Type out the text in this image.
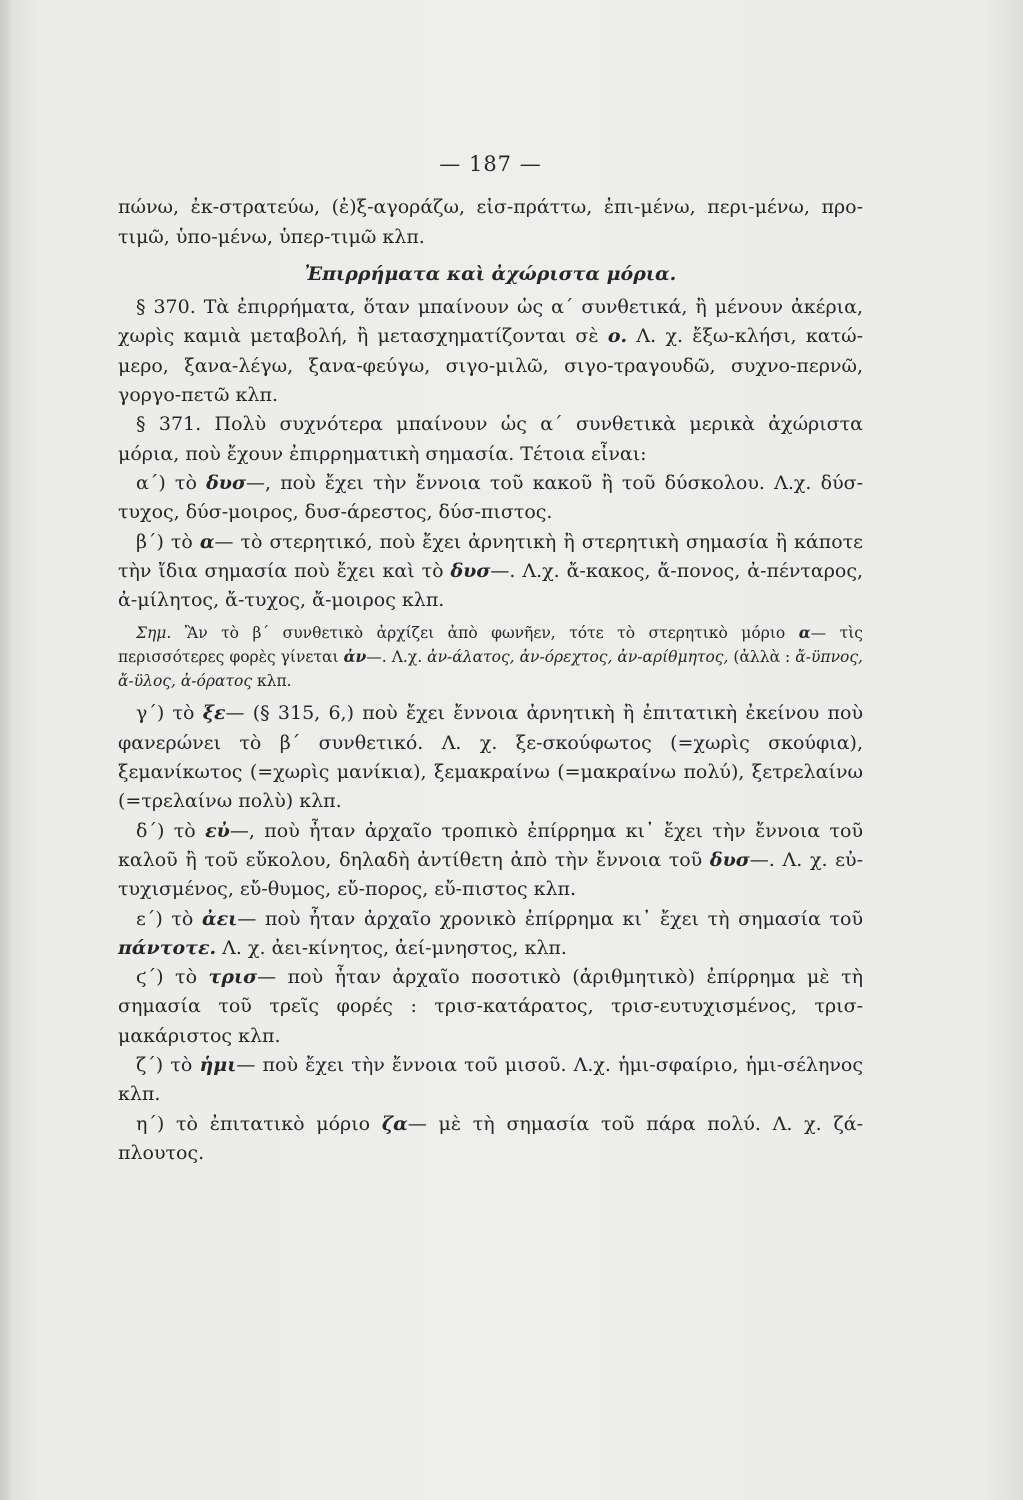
— 187 —

πώνω, ἐκ-στρατεύω, (ἐ)ξ-αγοράζω, εἰσ-πράττω, ἐπι-μένω, περι-μένω, προ-τιμῶ, ὑπο-μένω, ὑπερ-τιμῶ κλπ.

Ἐπιρρήματα καὶ ἀχώριστα μόρια.

§ 370. Τὰ ἐπιρρήματα, ὅταν μπαίνουν ὡς α΄ συνθετικά, ἢ μένουν ἀκέρια, χωρὶς καμιὰ μεταβολή, ἢ μετασχηματίζονται σὲ ο. Λ. χ. ἔξω-κλήσι, κατώ-μερο, ξανα-λέγω, ξανα-φεύγω, σιγο-μιλῶ, σιγο-τραγουδῶ, συχνο-περνῶ, γοργο-πετῶ κλπ.

§ 371. Πολὺ συχνότερα μπαίνουν ὡς α΄ συνθετικὰ μερικὰ ἀχώριστα μόρια, ποὺ ἔχουν ἐπιρρηματικὴ σημασία. Τέτοια εἶναι:

α΄) τὸ δυσ—, ποὺ ἔχει τὴν ἔννοια τοῦ κακοῦ ἢ τοῦ δύσκολου. Λ.χ. δύσ-τυχος, δύσ-μοιρος, δυσ-άρεστος, δύσ-πιστος.

β΄) τὸ α— τὸ στερητικό, ποὺ ἔχει ἀρνητικὴ ἢ στερητικὴ σημασία ἢ κάποτε τὴν ἴδια σημασία ποὺ ἔχει καὶ τὸ δυσ—. Λ.χ. ἄ-κακος, ἄ-πονος, ἀ-πένταρος, ἀ-μίλητος, ἄ-τυχος, ἄ-μοιρος κλπ.

Σημ. Ἂν τὸ β΄ συνθετικὸ ἀρχίζει ἀπὸ φωνῆεν, τότε τὸ στερητικὸ μόριο α— τὶς περισσότερες φορὲς γίνεται ἀν—. Λ.χ. ἀν-άλατος, ἀν-όρεχτος, ἀν-αρίθμητος, (ἀλλὰ : ἄ-ϋπνος, ἄ-ϋλος, ἀ-όρατος κλπ.

γ΄) τὸ ξε— (§ 315, 6,) ποὺ ἔχει ἔννοια ἀρνητικὴ ἢ ἐπιτατικὴ ἐκείνου ποὺ φανερώνει τὸ β΄ συνθετικό. Λ. χ. ξε-σκούφωτος (=χωρὶς σκούφια), ξεμανίκωτος (=χωρὶς μανίκια), ξεμακραίνω (=μακραίνω πολύ), ξετρελαίνω (=τρελαίνω πολὺ) κλπ.

δ΄) τὸ εὐ—, ποὺ ἦταν ἀρχαῖο τροπικὸ ἐπίρρημα κι᾽ ἔχει τὴν ἔννοια τοῦ καλοῦ ἢ τοῦ εὔκολου, δηλαδὴ ἀντίθετη ἀπὸ τὴν ἔννοια τοῦ δυσ—. Λ. χ. εὐ-τυχισμένος, εὔ-θυμος, εὔ-πορος, εὔ-πιστος κλπ.

ε΄) τὸ ἀει— ποὺ ἦταν ἀρχαῖο χρονικὸ ἐπίρρημα κι᾽ ἔχει τὴ σημασία τοῦ πάντοτε. Λ. χ. ἀει-κίνητος, ἀεί-μνηστος, κλπ.

ϛ΄) τὸ τρισ— ποὺ ἦταν ἀρχαῖο ποσοτικὸ (ἀριθμητικὸ) ἐπίρρημα μὲ τὴ σημασία τοῦ τρεῖς φορές : τρισ-κατάρατος, τρισ-ευτυχισμένος, τρισ-μακάριστος κλπ.

ζ΄) τὸ ἡμι— ποὺ ἔχει τὴν ἔννοια τοῦ μισοῦ. Λ.χ. ἡμι-σφαίριο, ἡμι-σέληνος κλπ.

η΄) τὸ ἐπιτατικὸ μόριο ζα— μὲ τὴ σημασία τοῦ πάρα πολύ. Λ. χ. ζά-πλουτος.
